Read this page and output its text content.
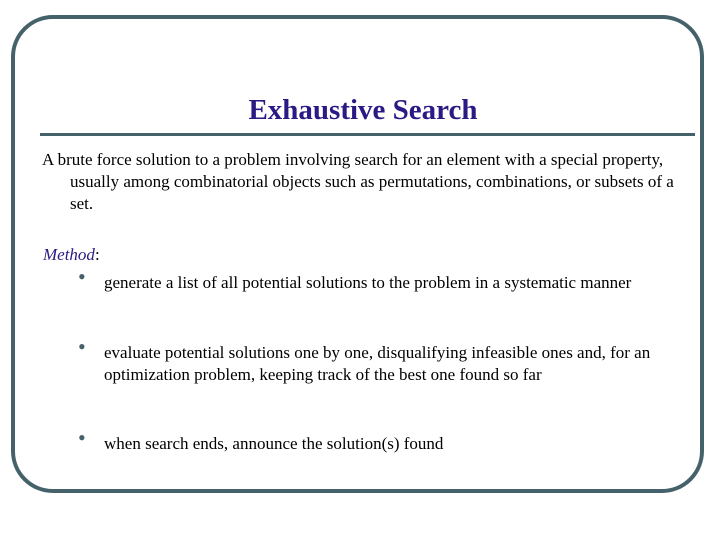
Exhaustive Search
A brute force solution to a problem involving search for an element with a special property, usually among combinatorial objects such as permutations, combinations, or subsets of a set.
Method:
• generate a list of all potential solutions to the problem in a systematic manner
• evaluate potential solutions one by one, disqualifying infeasible ones and, for an optimization problem, keeping track of the best one found so far
• when search ends, announce the solution(s) found
